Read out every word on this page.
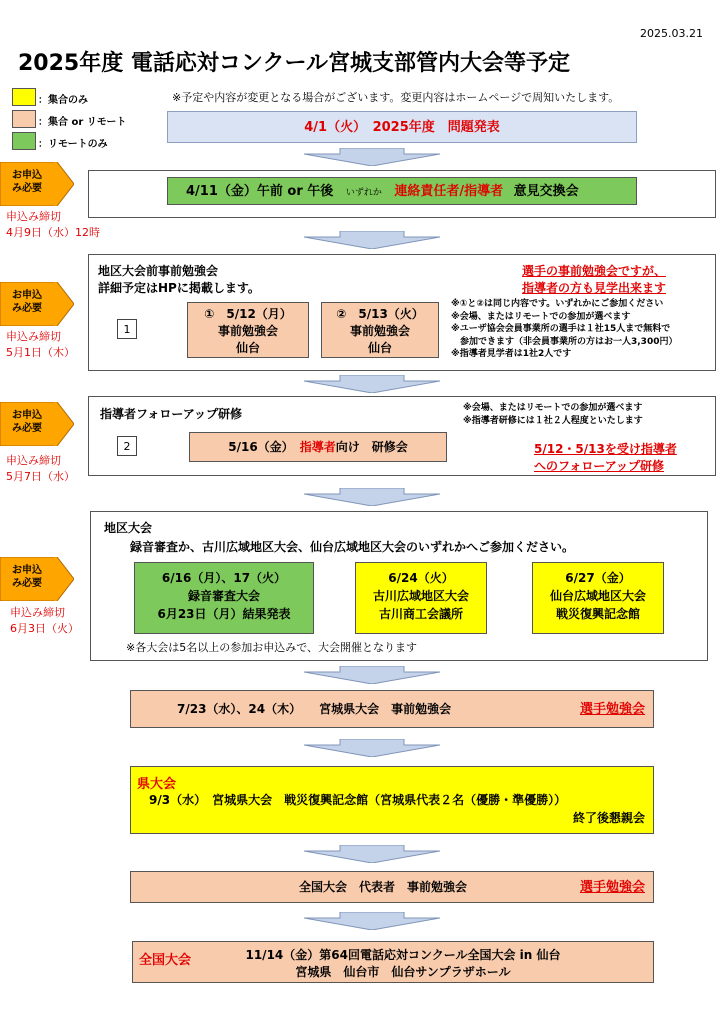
2025.03.21
2025年度 電話応対コンクール宮城支部管内大会等予定
：集合のみ
：集合 or リモート
：リモートのみ
※予定や内容が変更となる場合がございます。変更内容はホームページで周知いたします。
4/1（火）　2025年度　問題発表
お申込
み必要
申込み締切
4月9日（水）12時
4/11（金）午前 or 午後 いずれか 連絡責任者/指導者 意見交換会
地区大会前事前勉強会
詳細予定はHPに掲載します。
1
①　5/12（月）
事前勉強会
仙台
②　5/13（火）
事前勉強会
仙台
選手の事前勉強会ですが、
指導者の方も見学出来ます
※①と②は同じ内容です。いずれかにご参加ください
※会場、またはリモートでの参加が選べます
※ユーザ協会会員事業所の選手は１社15人まで無料で
　参加できます（非会員事業所の方はお一人3,300円）
※指導者見学者は1社2人です
お申込
み必要
申込み締切
5月1日（木）
指導者フォローアップ研修
2	5/16（金）　 指導者向け　研修会
※会場、またはリモートでの参加が選べます
※指導者研修には１社２人程度といたします
5/12・5/13を受け指導者
へのフォローアップ研修
お申込
み必要
申込み締切
5月7日（水）
地区大会
録音審査か、古川広域地区大会、仙台広域地区大会のいずれかへご参加ください。
6/16（月）、17（火）
録音審査大会
6月23日（月）結果発表
6/24（火）
古川広域地区大会
古川商工会議所
6/27（金）
仙台広域地区大会
戦災復興記念館
※各大会は5名以上の参加お申込みで、大会開催となります
お申込
み必要
申込み締切
6月3日（火）
7/23（水）、24（木）　　宮城県大会　事前勉強会	選手勉強会
県大会
9/3（水）　宮城県大会　戦災復興記念館（宮城県代表２名（優勝・準優勝））
終了後懇親会
全国大会　代表者　事前勉強会	選手勉強会
全国大会	11/14（金）第64回電話応対コンクール全国大会 in 仙台
宮城県　仙台市　仙台サンプラザホール
